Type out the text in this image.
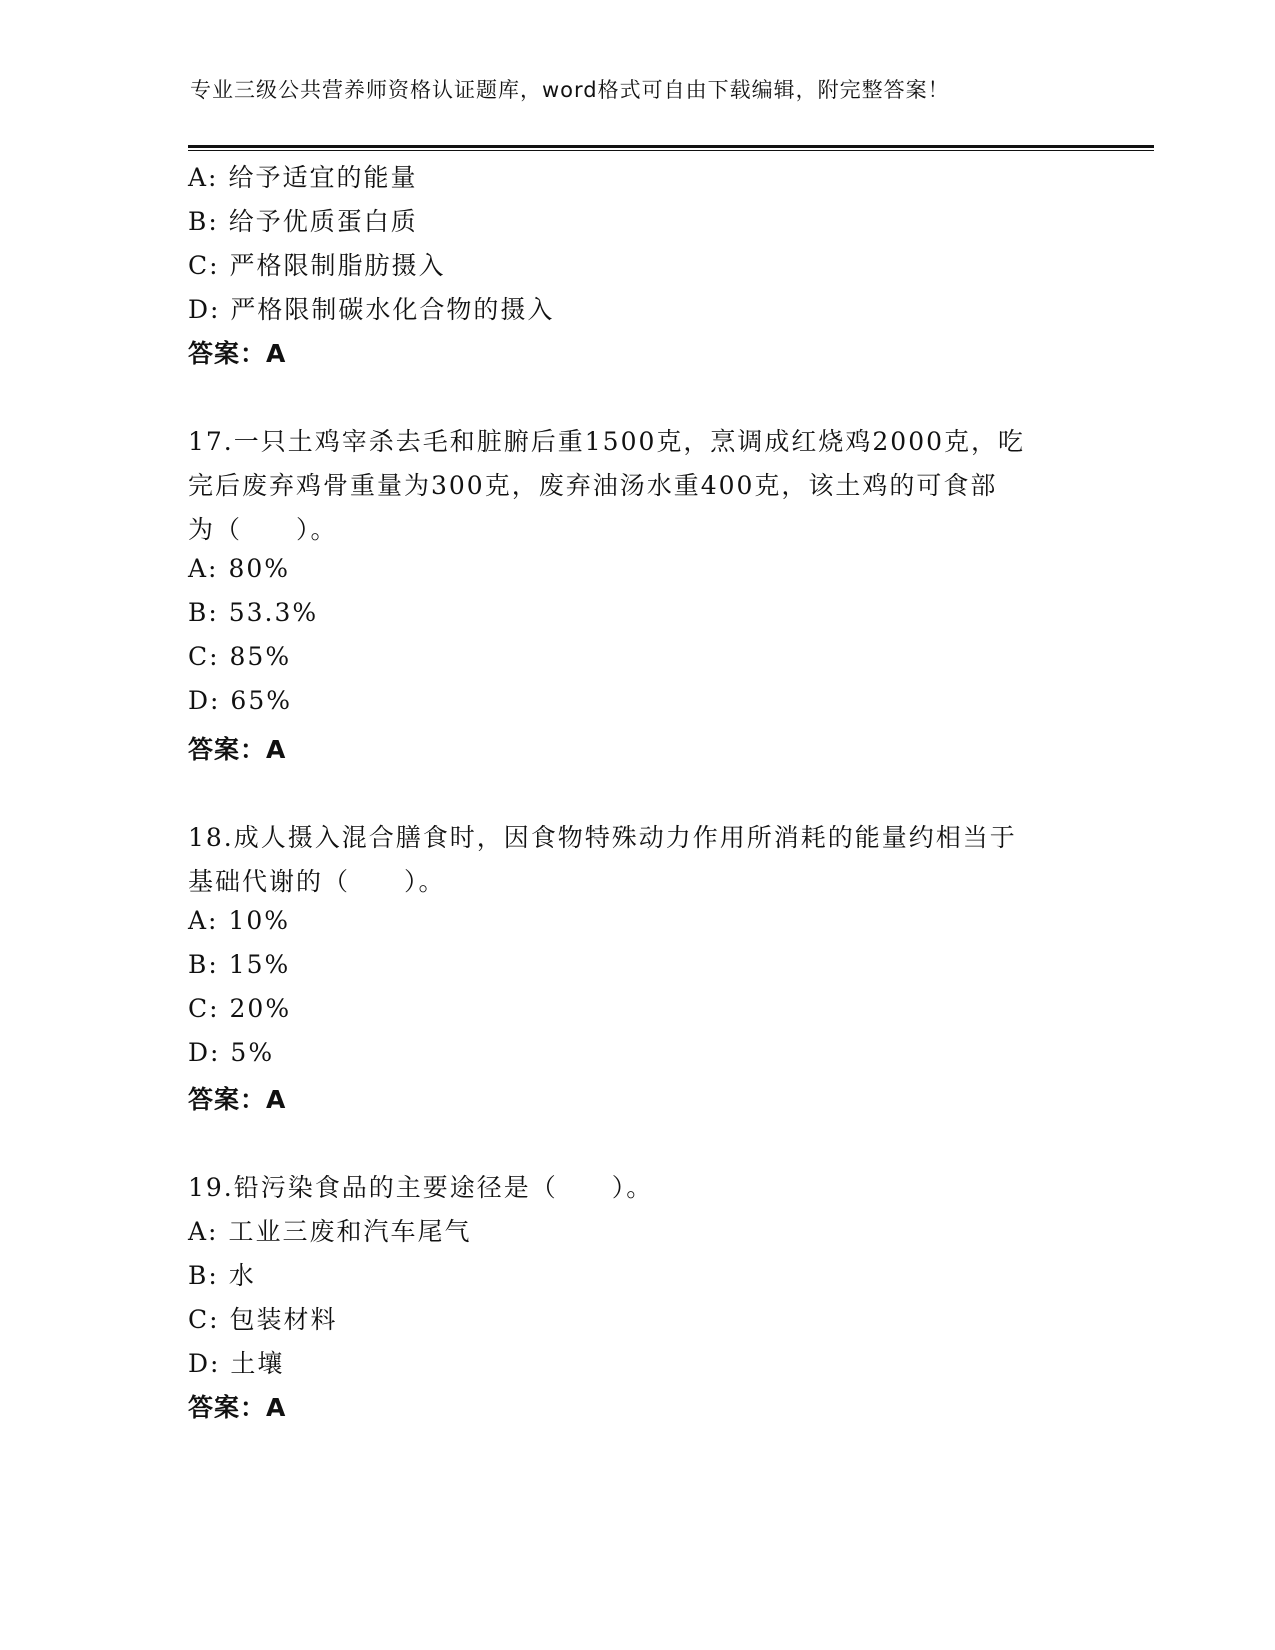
专业三级公共营养师资格认证题库，word格式可自由下载编辑，附完整答案！
A: 给予适宜的能量
B: 给予优质蛋白质
C: 严格限制脂肪摄入
D: 严格限制碳水化合物的摄入
答案：A
17.一只土鸡宰杀去毛和脏腑后重1500克，烹调成红烧鸡2000克，吃
完后废弃鸡骨重量为300克，废弃油汤水重400克，该土鸡的可食部
为（　　）。
A: 80%
B: 53.3%
C: 85%
D: 65%
答案：A
18.成人摄入混合膳食时，因食物特殊动力作用所消耗的能量约相当于
基础代谢的（　　）。
A: 10%
B: 15%
C: 20%
D: 5%
答案：A
19.铅污染食品的主要途径是（　　）。
A: 工业三废和汽车尾气
B: 水
C: 包装材料
D: 土壤
答案：A
